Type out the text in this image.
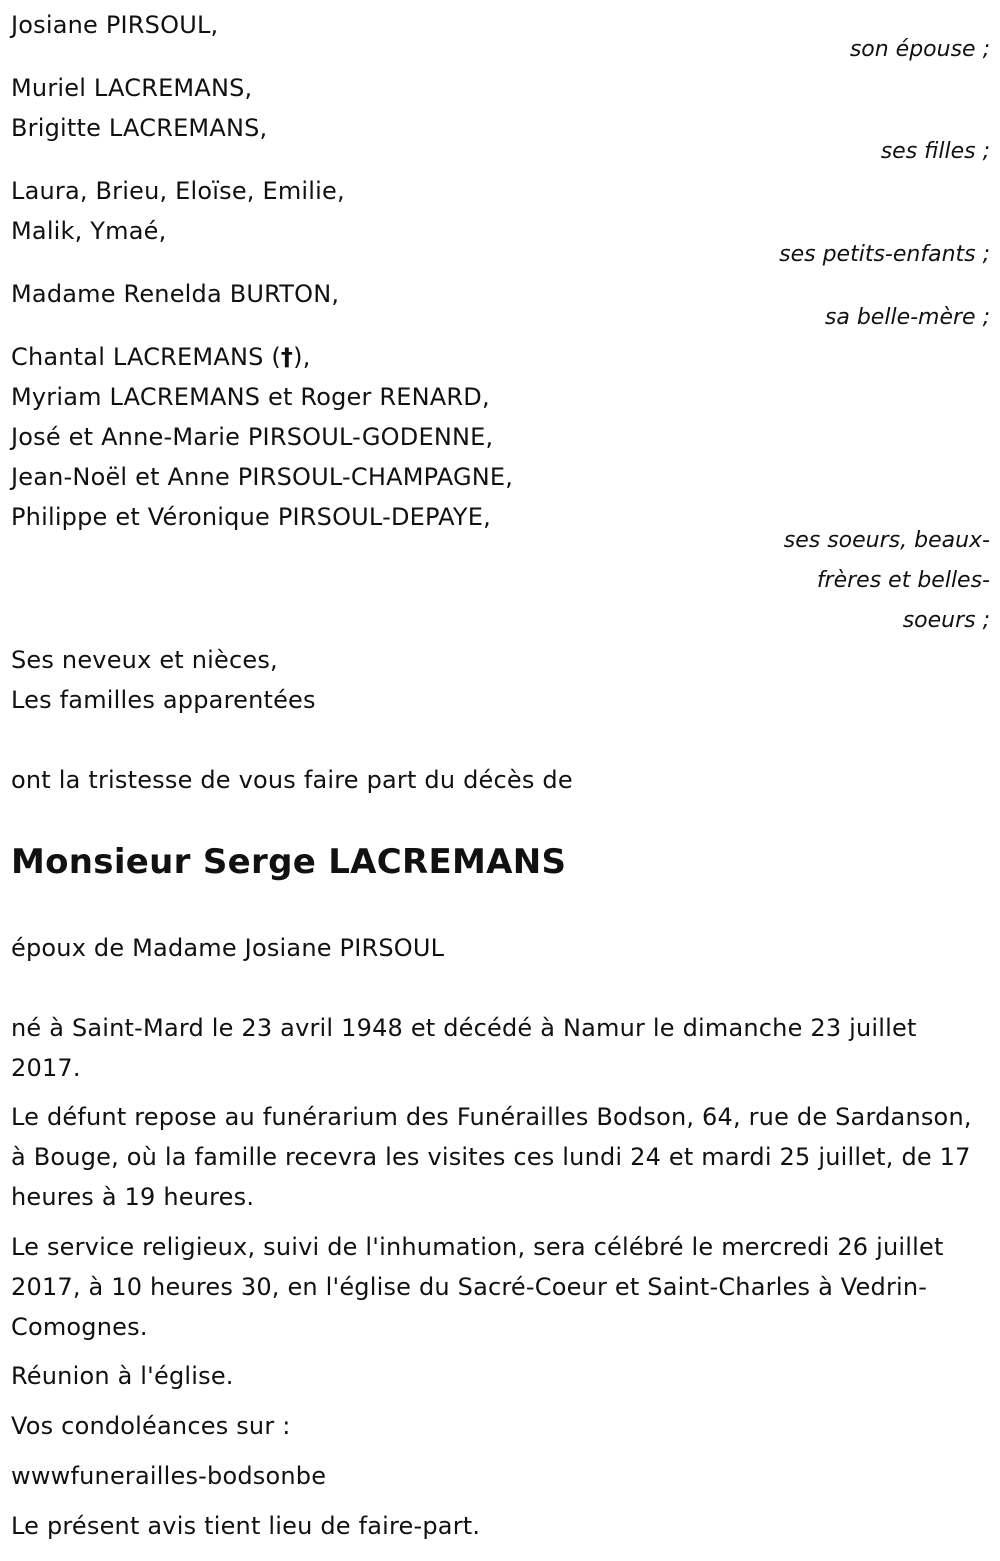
Josiane PIRSOUL,
son épouse ;
Muriel LACREMANS,
Brigitte LACREMANS,
ses filles ;
Laura, Brieu, Eloïse, Emilie,
Malik, Ymaé,
ses petits-enfants ;
Madame Renelda BURTON,
sa belle-mère ;
Chantal LACREMANS (†),
Myriam LACREMANS et Roger RENARD,
José et Anne-Marie PIRSOUL-GODENNE,
Jean-Noël et Anne PIRSOUL-CHAMPAGNE,
Philippe et Véronique PIRSOUL-DEPAYE,
ses soeurs, beaux-
frères et belles-
soeurs ;
Ses neveux et nièces,
Les familles apparentées
ont la tristesse de vous faire part du décès de
Monsieur Serge LACREMANS
époux de Madame Josiane PIRSOUL
né à Saint-Mard le 23 avril 1948 et décédé à Namur le dimanche 23 juillet 2017.
Le défunt repose au funérarium des Funérailles Bodson, 64, rue de Sardanson, à Bouge, où la famille recevra les visites ces lundi 24 et mardi 25 juillet, de 17 heures à 19 heures.
Le service religieux, suivi de l'inhumation, sera célébré le mercredi 26 juillet 2017, à 10 heures 30, en l'église du Sacré-Coeur et Saint-Charles à Vedrin-Comognes.
Réunion à l'église.
Vos condoléances sur :
wwwfunerailles-bodsonbe
Le présent avis tient lieu de faire-part.
